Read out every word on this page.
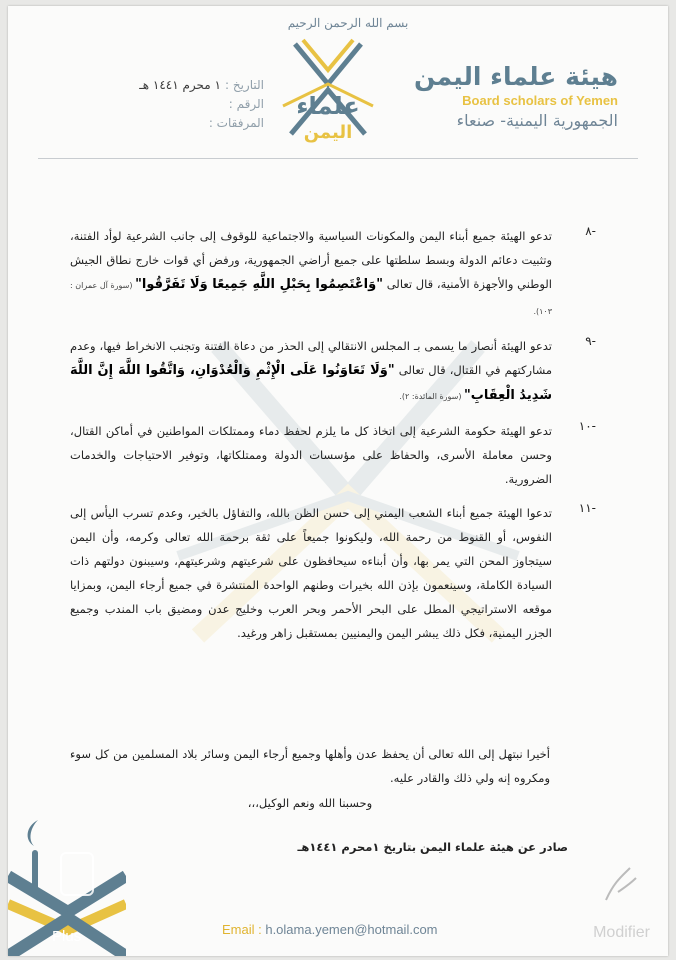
بسم الله الرحمن الرحيم
علماء
اليمن
هيئة علماء اليمن
Board scholars of Yemen
الجمهورية اليمنية- صنعاء
التاريخ :١ محرم ١٤٤١ هـ
الرقم :
المرفقات :
-٨
تدعو الهيئة جميع أبناء اليمن والمكونات السياسية والاجتماعية للوقوف إلى جانب الشرعية لوأد الفتنة، وتثبيت دعائم الدولة وبسط سلطتها على جميع أراضي الجمهورية، ورفض أي قوات خارج نطاق الجيش الوطني والأجهزة الأمنية، قال تعالى "وَاعْتَصِمُوا بِحَبْلِ اللَّهِ جَمِيعًا وَلَا تَفَرَّقُوا" (سورة آل عمران : ١٠٣).
-٩
تدعو الهيئة أنصار ما يسمى بـ المجلس الانتقالي إلى الحذر من دعاة الفتنة وتجنب الانخراط فيها، وعدم مشاركتهم في القتال، قال تعالى "وَلَا تَعَاوَنُوا عَلَى الْإِثْمِ وَالْعُدْوَانِ، وَاتَّقُوا اللَّهَ إِنَّ اللَّهَ شَدِيدُ الْعِقَابِ" (سورة المائدة: ٢).
-١٠
تدعو الهيئة حكومة الشرعية إلى اتخاذ كل ما يلزم لحفظ دماء وممتلكات المواطنين في أماكن القتال، وحسن معاملة الأسرى، والحفاظ على مؤسسات الدولة وممتلكاتها، وتوفير الاحتياجات والخدمات الضرورية.
-١١
تدعوا الهيئة جميع أبناء الشعب اليمني إلى حسن الظن بالله، والتفاؤل بالخير، وعدم تسرب اليأس إلى النفوس، أو القنوط من رحمة الله، وليكونوا جميعاً على ثقة برحمة الله تعالى وكرمه، وأن اليمن سيتجاوز المحن التي يمر بها، وأن أبناءه سيحافظون على شرعيتهم وشرعيتهم، وسيبنون دولتهم ذات السيادة الكاملة، وسينعمون بإذن الله بخيرات وطنهم الواحدة المنتشرة في جميع أرجاء اليمن، وبمزايا موقعه الاستراتيجي المطل على البحر الأحمر وبحر العرب وخليج عدن ومضيق باب المندب وجميع الجزر اليمنية، فكل ذلك يبشر اليمن واليمنيين بمستقبل زاهر ورغيد.

أخيرا نبتهل إلى الله تعالى أن يحفظ عدن وأهلها وجميع أرجاء اليمن وسائر بلاد المسلمين من كل سوء ومكروه إنه ولي ذلك والقادر عليه.

وحسبنا الله ونعم الوكيل،،،
صادر عن هيئة علماء اليمن بتاريخ ١محرم ١٤٤١هـ
Email : h.olama.yemen@hotmail.com
Plus	Modifier
